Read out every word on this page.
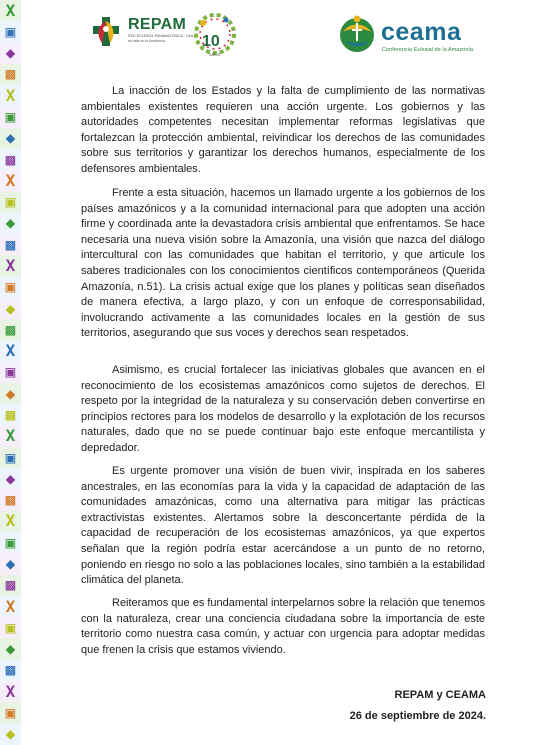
X
▣
◆
▩
X
▣
◆
▩
X
▣
◆
▩
X
▣
◆
▩
X
▣
◆
▩
X
▣
◆
▩
X
▣
◆
▩
X
▣
◆
▩
X
▣
◆
REPAM
RED ECLESIAL PANAMAZÓNICA · Dios es vida en la Amazonía	10
AÑOS
ceama
Conferencia Eclesial de la Amazonía

La inacción de los Estados y la falta de cumplimiento de las normativas ambientales existentes requieren una acción urgente. Los gobiernos y las autoridades competentes necesitan implementar reformas legislativas que fortalezcan la protección ambiental, reivindicar los derechos de las comunidades sobre sus territorios y garantizar los derechos humanos, especialmente de los defensores ambientales.

Frente a esta situación, hacemos un llamado urgente a los gobiernos de los países amazónicos y a la comunidad internacional para que adopten una acción firme y coordinada ante la devastadora crisis ambiental que enfrentamos. Se hace necesaria una nueva visión sobre la Amazonía, una visión que nazca del diálogo intercultural con las comunidades que habitan el territorio, y que articule los saberes tradicionales con los conocimientos científicos contemporáneos (Querida Amazonía, n.51). La crisis actual exige que los planes y políticas sean diseñados de manera efectiva, a largo plazo, y con un enfoque de corresponsabilidad, involucrando activamente a las comunidades locales en la gestión de sus territorios, asegurando que sus voces y derechos sean respetados.

Asimismo, es crucial fortalecer las iniciativas globales que avancen en el reconocimiento de los ecosistemas amazónicos como sujetos de derechos. El respeto por la integridad de la naturaleza y su conservación deben convertirse en principios rectores para los modelos de desarrollo y la explotación de los recursos naturales, dado que no se puede continuar bajo este enfoque mercantilista y depredador.

Es urgente promover una visión de buen vivir, inspirada en los saberes ancestrales, en las economías para la vida y la capacidad de adaptación de las comunidades amazónicas, como una alternativa para mitigar las prácticas extractivistas existentes. Alertamos sobre la desconcertante pérdida de la capacidad de recuperación de los ecosistemas amazónicos, ya que expertos señalan que la región podría estar acercándose a un punto de no retorno, poniendo en riesgo no solo a las poblaciones locales, sino también a la estabilidad climática del planeta.

Reiteramos que es fundamental interpelarnos sobre la relación que tenemos con la naturaleza, crear una conciencia ciudadana sobre la importancia de este territorio como nuestra casa común, y actuar con urgencia para adoptar medidas que frenen la crisis que estamos viviendo.

REPAM y CEAMA
26 de septiembre de 2024.
